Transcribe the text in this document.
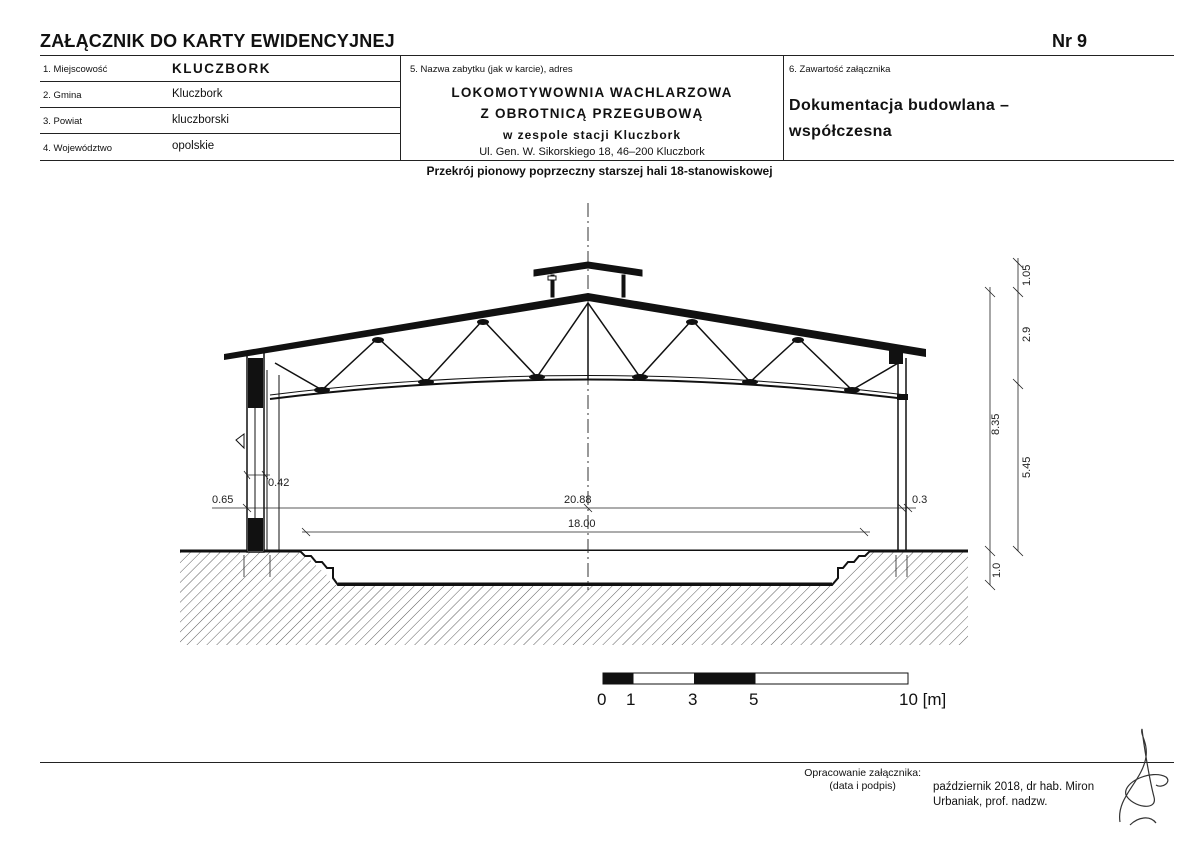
ZAŁĄCZNIK DO KARTY EWIDENCYJNEJ	Nr 9
1. Miejscowość	KLUCZBORK
2. Gmina	Kluczbork
3. Powiat	kluczborski
4. Województwo	opolskie
5. Nazwa zabytku (jak w karcie), adres
LOKOMOTYWOWNIA WACHLARZOWA
Z OBROTNICĄ PRZEGUBOWĄ
w zespole stacji Kluczbork
Ul. Gen. W. Sikorskiego 18, 46–200 Kluczbork
6. Zawartość załącznika
Dokumentacja budowlana –
współczesna
Przekrój pionowy poprzeczny starszej hali 18-stanowiskowej
0.65
0.42
20.88
18.00
0.3
8.35
5.45
2.9
1.05
1.0
0 1	3	5	10 [m]
Opracowanie załącznika:
(data i podpis)	październik 2018, dr hab. Miron
Urbaniak, prof. nadzw.
